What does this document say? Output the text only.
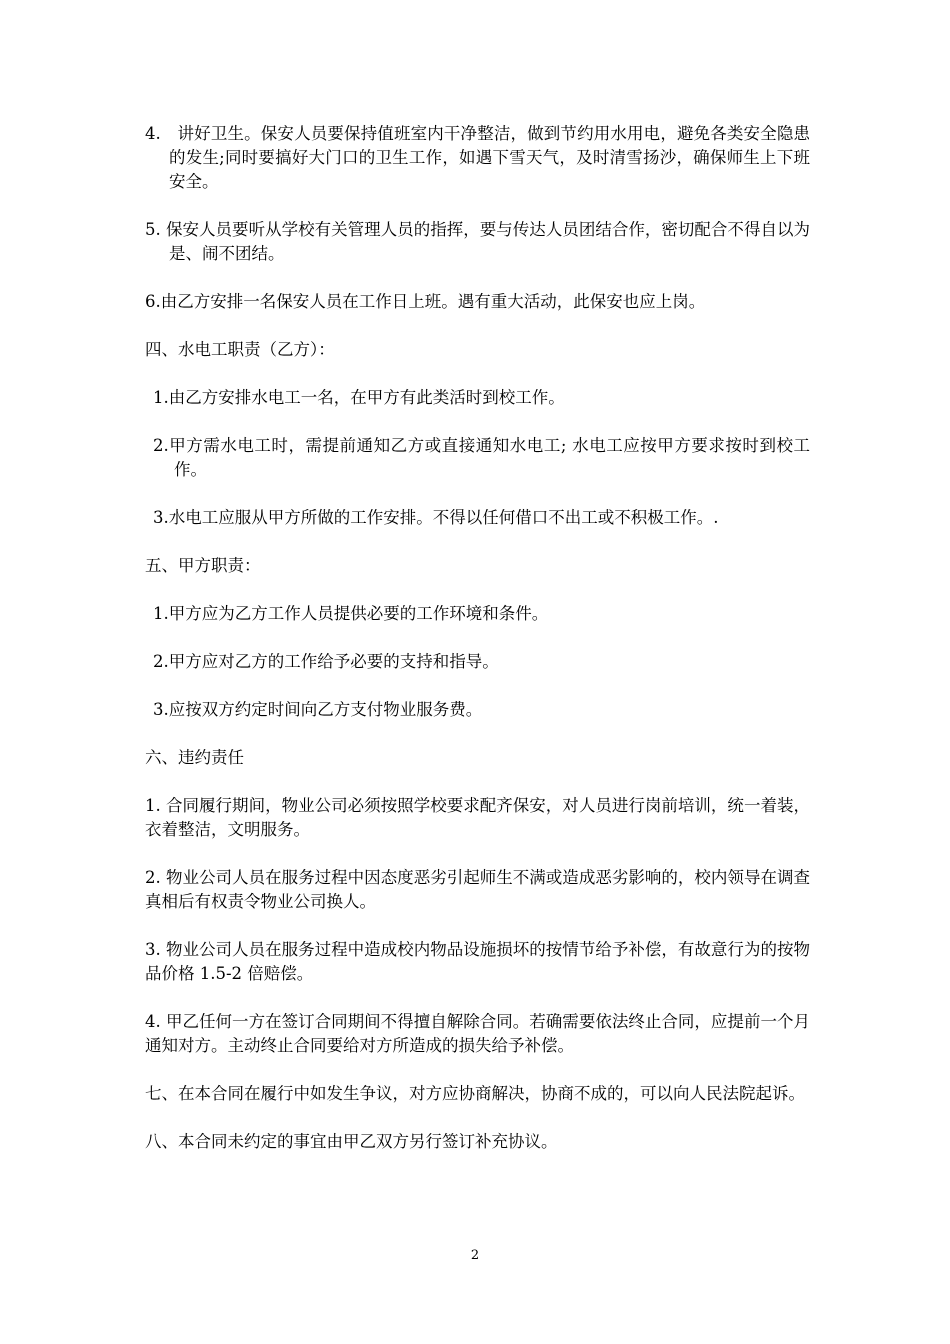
4.　讲好卫生。保安人员要保持值班室内干净整洁，做到节约用水用电，避免各类安全隐患的发生;同时要搞好大门口的卫生工作，如遇下雪天气，及时清雪扬沙，确保师生上下班安全。

5. 保安人员要听从学校有关管理人员的指挥，要与传达人员团结合作，密切配合不得自以为是、闹不团结。

6.由乙方安排一名保安人员在工作日上班。遇有重大活动，此保安也应上岗。

四、水电工职责（乙方）：

1.由乙方安排水电工一名，在甲方有此类活时到校工作。

2.甲方需水电工时，需提前通知乙方或直接通知水电工; 水电工应按甲方要求按时到校工作。

3.水电工应服从甲方所做的工作安排。不得以任何借口不出工或不积极工作。.

五、甲方职责：

1.甲方应为乙方工作人员提供必要的工作环境和条件。

2.甲方应对乙方的工作给予必要的支持和指导。

3.应按双方约定时间向乙方支付物业服务费。

六、违约责任

1. 合同履行期间，物业公司必须按照学校要求配齐保安，对人员进行岗前培训，统一着装，衣着整洁，文明服务。

2. 物业公司人员在服务过程中因态度恶劣引起师生不满或造成恶劣影响的，校内领导在调查真相后有权责令物业公司换人。

3. 物业公司人员在服务过程中造成校内物品设施损坏的按情节给予补偿，有故意行为的按物品价格 1.5-2 倍赔偿。

4. 甲乙任何一方在签订合同期间不得擅自解除合同。若确需要依法终止合同，应提前一个月通知对方。主动终止合同要给对方所造成的损失给予补偿。

七、在本合同在履行中如发生争议，对方应协商解决，协商不成的，可以向人民法院起诉。

八、本合同未约定的事宜由甲乙双方另行签订补充协议。

2
